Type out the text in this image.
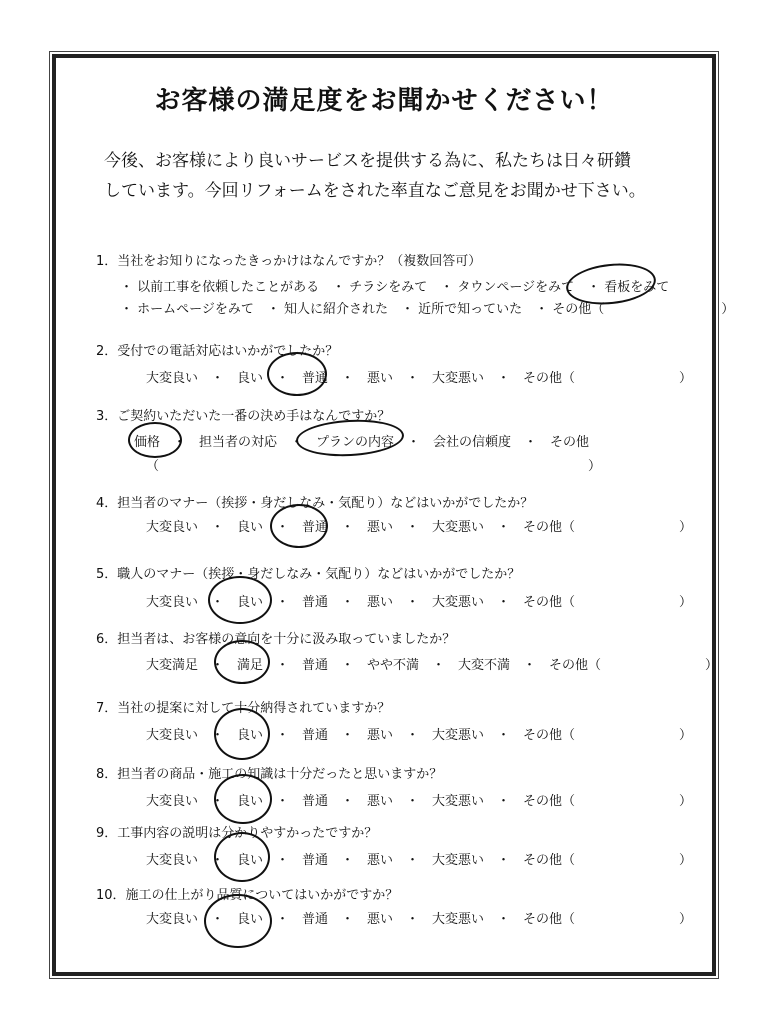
お客様の満足度をお聞かせください！
今後、お客様により良いサービスを提供する為に、私たちは日々研鑽
しています。今回リフォームをされた率直なご意見をお聞かせ下さい。
1．当社をお知りになったきっかけはなんですか？（複数回答可）
・ 以前工事を依頼したことがある　・ チラシをみて　・ タウンページをみて　・ 看板をみて
・ ホームページをみて　・ 知人に紹介された　・ 近所で知っていた　・ その他（　　　　　　　　　）
2．受付での電話対応はいかがでしたか？
大変良い　・　良い　・　普通　・　悪い　・　大変悪い　・　その他（　　　　　　　　）
3．ご契約いただいた一番の決め手はなんですか？
価格　・　担当者の対応　・　プランの内容　・　会社の信頼度　・　その他
（　　　　　　　　　　　　　　　　　　　　　　　　　　　　　　　　　）
4．担当者のマナー（挨拶・身だしなみ・気配り）などはいかがでしたか？
大変良い　・　良い　・　普通　・　悪い　・　大変悪い　・　その他（　　　　　　　　）
5．職人のマナー（挨拶・身だしなみ・気配り）などはいかがでしたか？
大変良い　・　良い　・　普通　・　悪い　・　大変悪い　・　その他（　　　　　　　　）
6．担当者は、お客様の意向を十分に汲み取っていましたか？
大変満足　・　満足　・　普通　・　やや不満　・　大変不満　・　その他（　　　　　　　　）
7．当社の提案に対して十分納得されていますか？
大変良い　・　良い　・　普通　・　悪い　・　大変悪い　・　その他（　　　　　　　　）
8．担当者の商品・施工の知識は十分だったと思いますか？
大変良い　・　良い　・　普通　・　悪い　・　大変悪い　・　その他（　　　　　　　　）
9．工事内容の説明は分かりやすかったですか？
大変良い　・　良い　・　普通　・　悪い　・　大変悪い　・　その他（　　　　　　　　）
10．施工の仕上がり品質についてはいかがですか？
大変良い　・　良い　・　普通　・　悪い　・　大変悪い　・　その他（　　　　　　　　）
